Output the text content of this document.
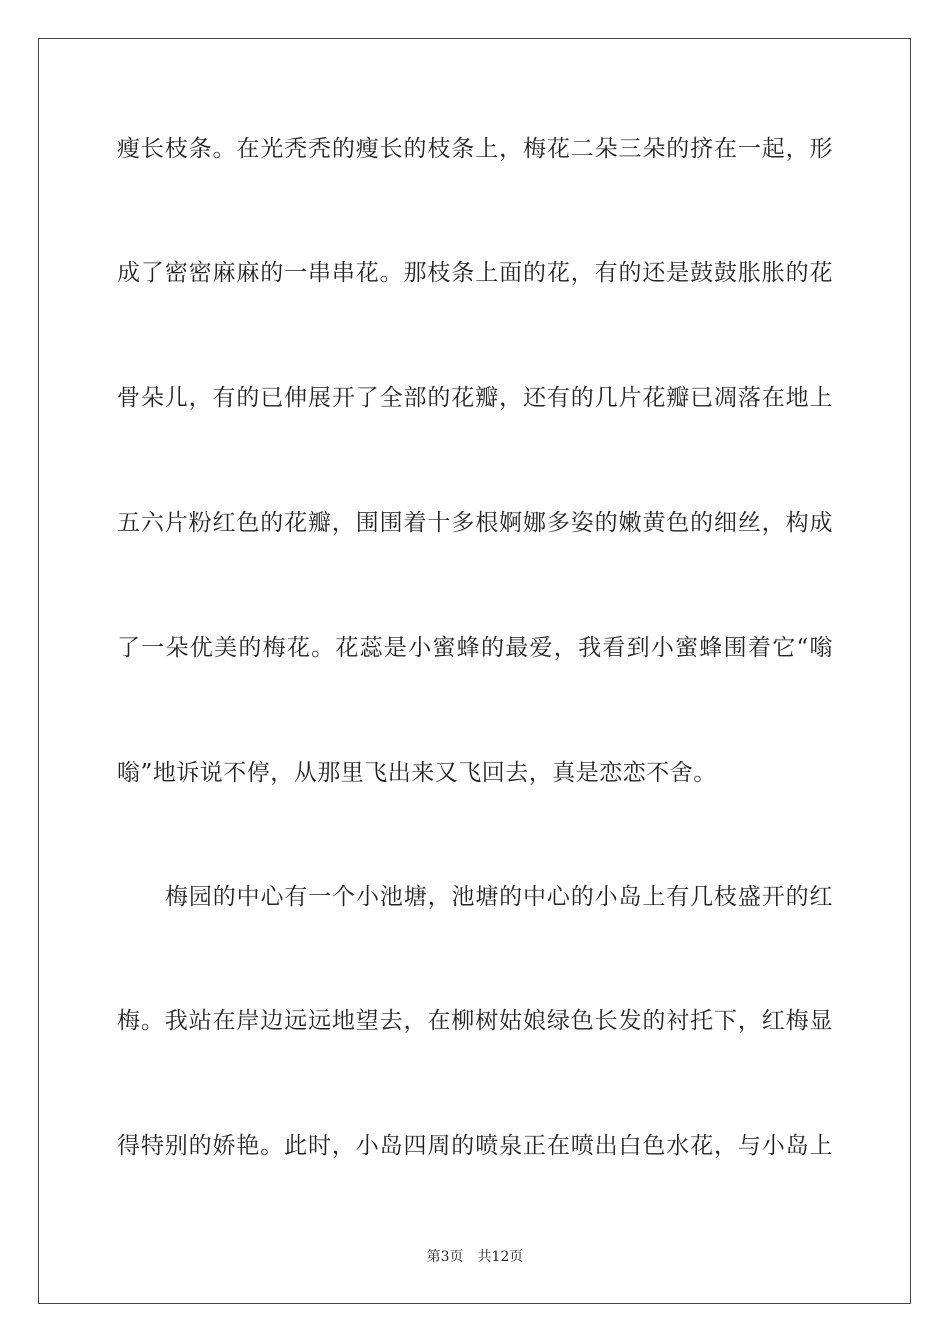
瘦长枝条。在光秃秃的瘦长的枝条上，梅花二朵三朵的挤在一起，形
成了密密麻麻的一串串花。那枝条上面的花，有的还是鼓鼓胀胀的花
骨朵儿，有的已伸展开了全部的花瓣，还有的几片花瓣已凋落在地上
五六片粉红色的花瓣，围围着十多根婀娜多姿的嫩黄色的细丝，构成
了一朵优美的梅花。花蕊是小蜜蜂的最爱，我看到小蜜蜂围着它“嗡
嗡”地诉说不停，从那里飞出来又飞回去，真是恋恋不舍。
梅园的中心有一个小池塘，池塘的中心的小岛上有几枝盛开的红
梅。我站在岸边远远地望去，在柳树姑娘绿色长发的衬托下，红梅显
得特别的娇艳。此时，小岛四周的喷泉正在喷出白色水花，与小岛上
第3页 共12页
